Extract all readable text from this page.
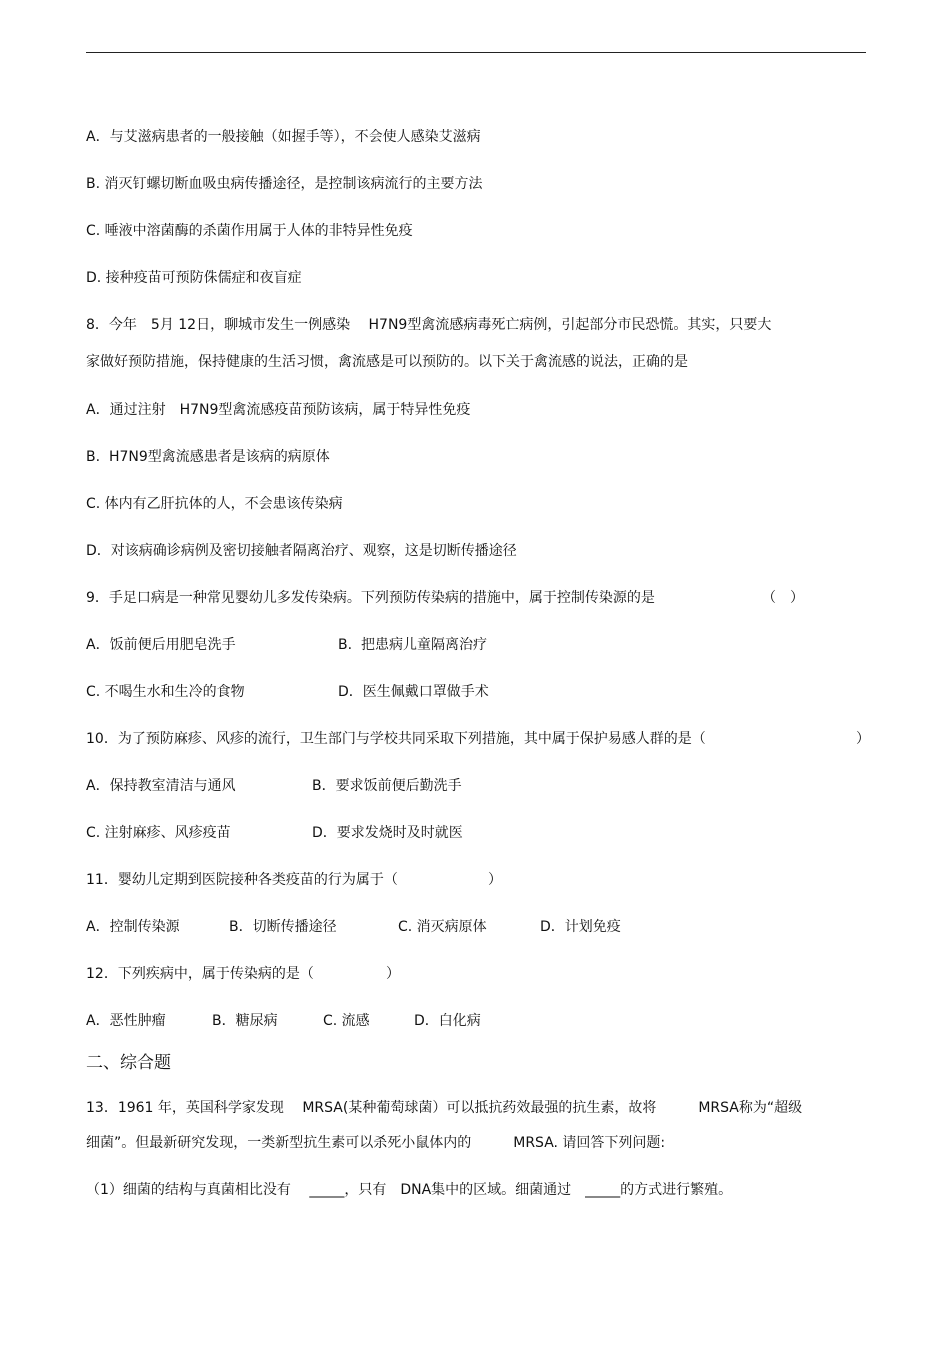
A．与艾滋病患者的一般接触（如握手等），不会使人感染艾滋病
B. 消灭钉螺切断血吸虫病传播途径，是控制该病流行的主要方法
C. 唾液中溶菌酶的杀菌作用属于人体的非特异性免疫
D. 接种疫苗可预防侏儒症和夜盲症
8．今年　5月 12日，聊城市发生一例感染　 H7N9型禽流感病毒死亡病例，引起部分市民恐慌。其实，只要大
家做好预防措施，保持健康的生活习惯，禽流感是可以预防的。以下关于禽流感的说法，正确的是
A．通过注射　H7N9型禽流感疫苗预防该病，属于特异性免疫
B.  H7N9型禽流感患者是该病的病原体
C. 体内有乙肝抗体的人，不会患该传染病
D．对该病确诊病例及密切接触者隔离治疗、观察，这是切断传播途径
9．手足口病是一种常见婴幼儿多发传染病。下列预防传染病的措施中，属于控制传染源的是	（　）
A．饭前便后用肥皂洗手	B.  把患病儿童隔离治疗
C. 不喝生水和生冷的食物	D．医生佩戴口罩做手术
10．为了预防麻疹、风疹的流行，卫生部门与学校共同采取下列措施，其中属于保护易感人群的是（	）
A．保持教室清洁与通风	B．要求饭前便后勤洗手
C. 注射麻疹、风疹疫苗	D．要求发烧时及时就医
11．婴幼儿定期到医院接种各类疫苗的行为属于（	）
A．控制传染源	B．切断传播途径	C. 消灭病原体	D．计划免疫
12．下列疾病中，属于传染病的是（	）
A．恶性肿瘤	B．糖尿病	C. 流感	D．白化病
二、综合题
13．1961 年，英国科学家发现　 MRSA(某种葡萄球菌）可以抵抗药效最强的抗生素，故将　　　MRSA称为“超级
细菌”。但最新研究发现，一类新型抗生素可以杀死小鼠体内的　　　MRSA. 请回答下列问题:
（1）细菌的结构与真菌相比没有　 _____，只有　DNA集中的区域。细菌通过　_____的方式进行繁殖。
